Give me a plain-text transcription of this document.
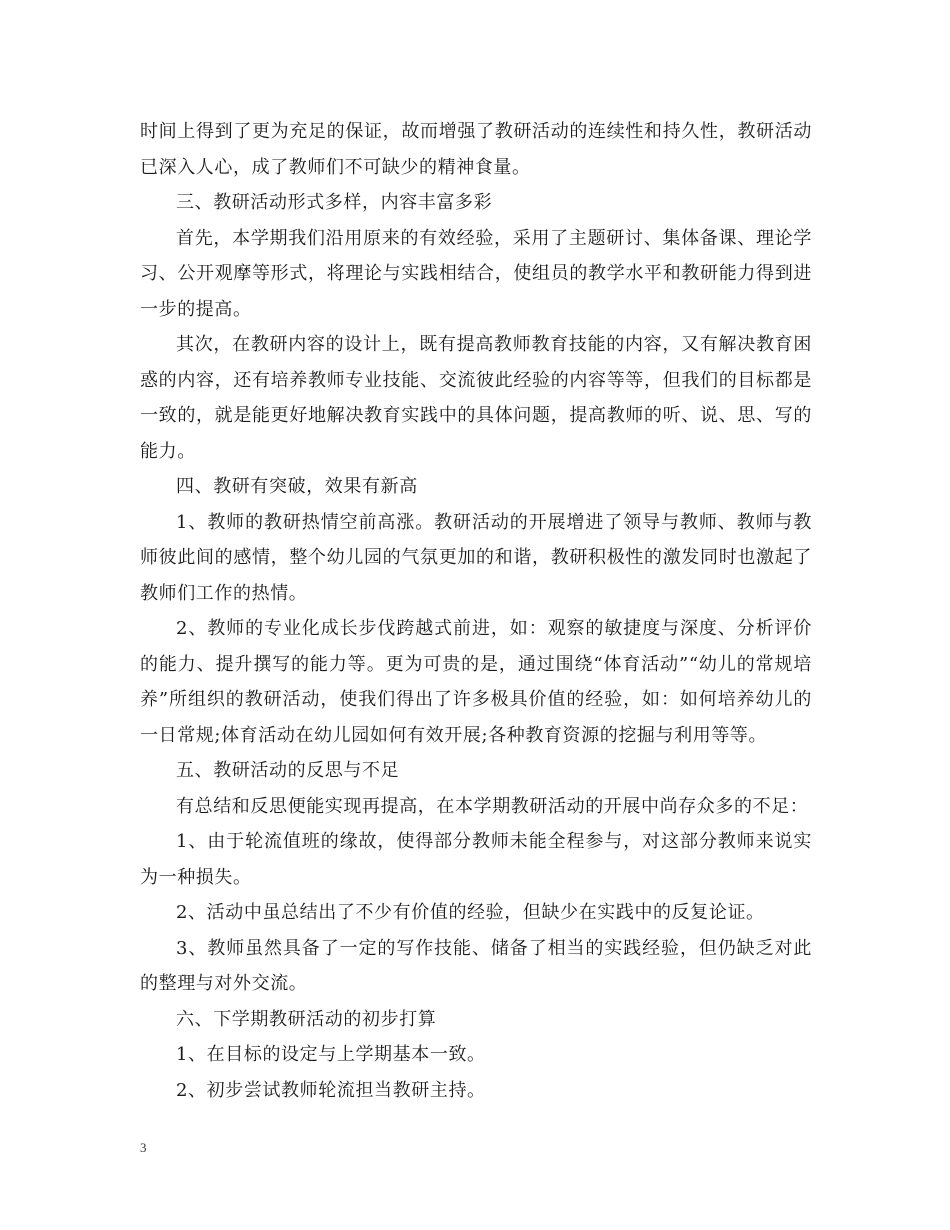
时间上得到了更为充足的保证，故而增强了教研活动的连续性和持久性，教研活动已深入人心，成了教师们不可缺少的精神食量。

三、教研活动形式多样，内容丰富多彩

首先，本学期我们沿用原来的有效经验，采用了主题研讨、集体备课、理论学习、公开观摩等形式，将理论与实践相结合，使组员的教学水平和教研能力得到进一步的提高。

其次，在教研内容的设计上，既有提高教师教育技能的内容，又有解决教育困惑的内容，还有培养教师专业技能、交流彼此经验的内容等等，但我们的目标都是一致的，就是能更好地解决教育实践中的具体问题，提高教师的听、说、思、写的能力。

四、教研有突破，效果有新高

1、教师的教研热情空前高涨。教研活动的开展增进了领导与教师、教师与教师彼此间的感情，整个幼儿园的气氛更加的和谐，教研积极性的激发同时也激起了教师们工作的热情。

2、教师的专业化成长步伐跨越式前进，如：观察的敏捷度与深度、分析评价的能力、提升撰写的能力等。更为可贵的是，通过围绕“体育活动”“幼儿的常规培养”所组织的教研活动，使我们得出了许多极具价值的经验，如：如何培养幼儿的一日常规;体育活动在幼儿园如何有效开展;各种教育资源的挖掘与利用等等。

五、教研活动的反思与不足

有总结和反思便能实现再提高，在本学期教研活动的开展中尚存众多的不足：

1、由于轮流值班的缘故，使得部分教师未能全程参与，对这部分教师来说实为一种损失。

2、活动中虽总结出了不少有价值的经验，但缺少在实践中的反复论证。

3、教师虽然具备了一定的写作技能、储备了相当的实践经验，但仍缺乏对此的整理与对外交流。

六、下学期教研活动的初步打算

1、在目标的设定与上学期基本一致。

2、初步尝试教师轮流担当教研主持。

3
